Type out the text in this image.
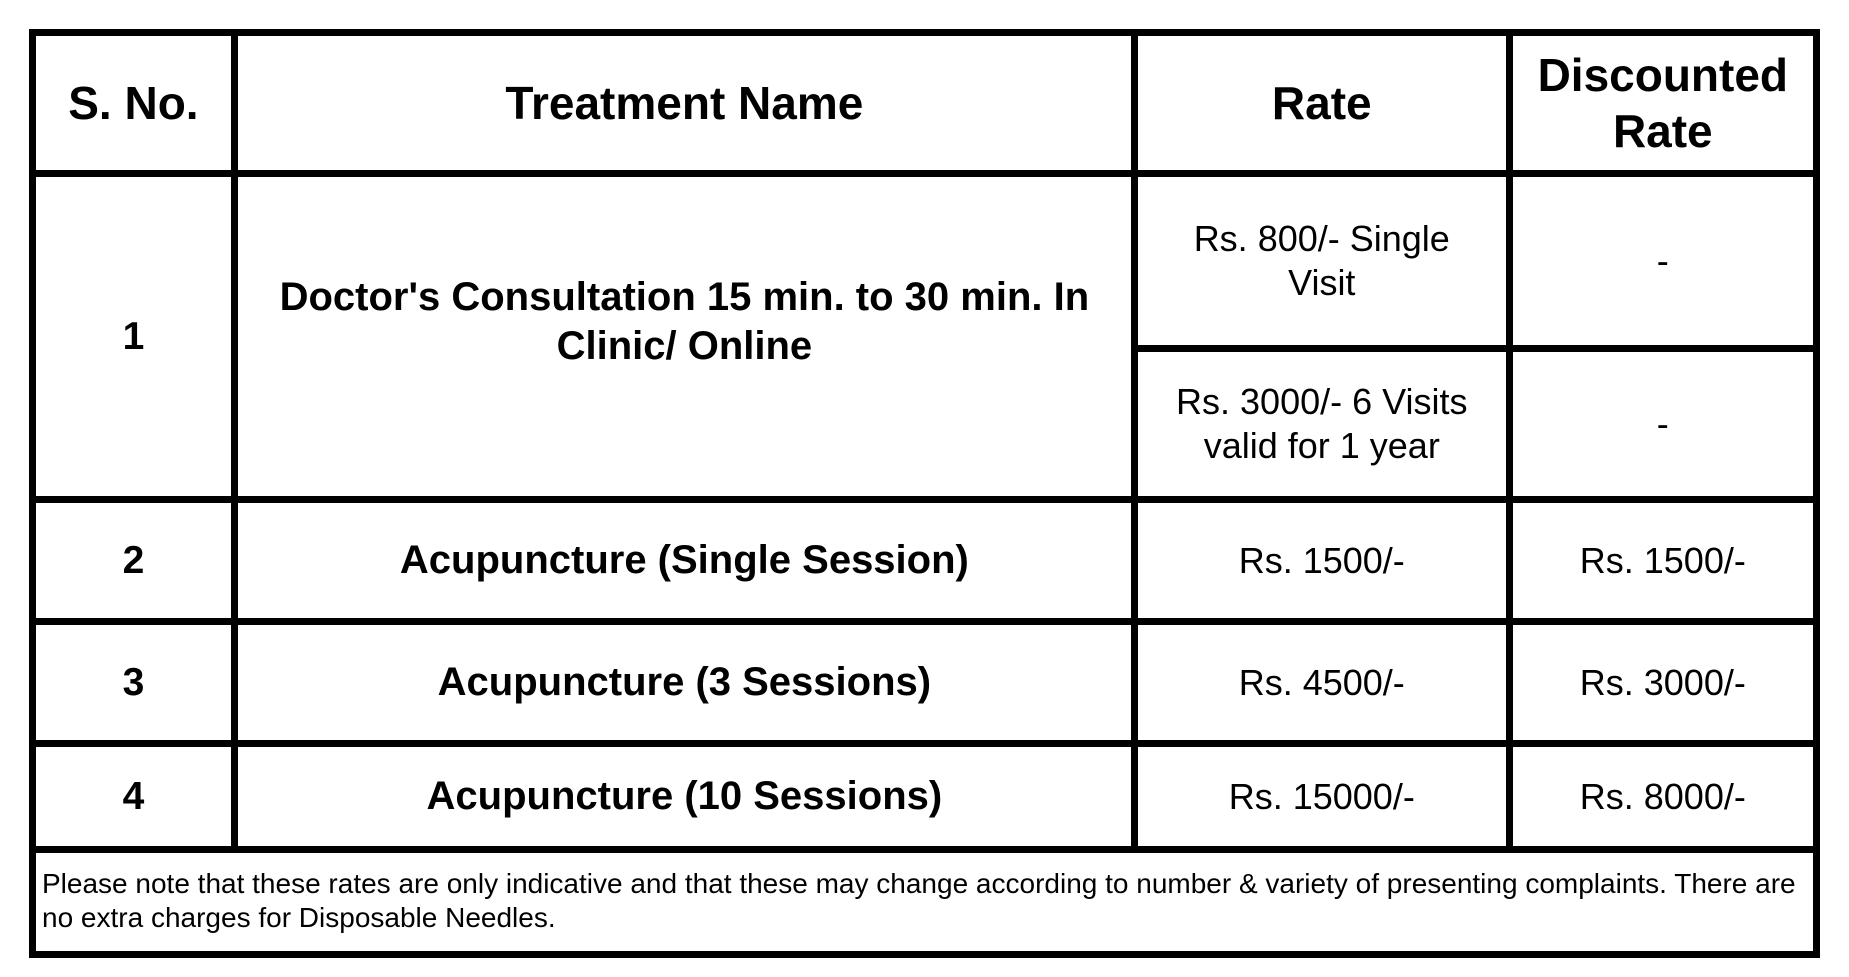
S. No.	Treatment Name	Rate	Discounted Rate
1	Doctor's Consultation 15 min. to 30 min. In Clinic/ Online	Rs. 800/- Single Visit	-
		Rs. 3000/- 6 Visits valid for 1 year	-
2	Acupuncture (Single Session)	Rs. 1500/-	Rs. 1500/-
3	Acupuncture (3 Sessions)	Rs. 4500/-	Rs. 3000/-
4	Acupuncture (10 Sessions)	Rs. 15000/-	Rs. 8000/-
Please note that these rates are only indicative and that these may change according to number & variety of presenting complaints. There are no extra charges for Disposable Needles.			
